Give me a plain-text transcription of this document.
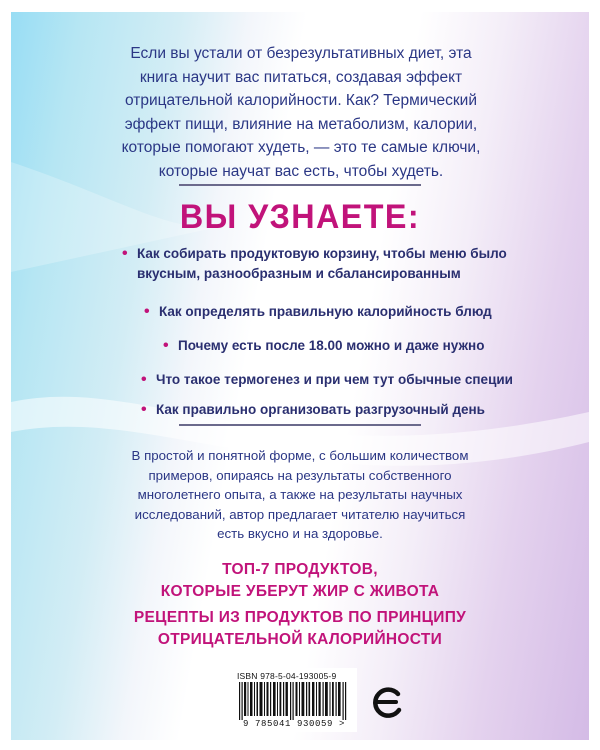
Если вы устали от безрезультативных диет, эта
книга научит вас питаться, создавая эффект
отрицательной калорийности. Как? Термический
эффект пищи, влияние на метаболизм, калории,
которые помогают худеть, — это те самые ключи,
которые научат вас есть, чтобы худеть.
ВЫ УЗНАЕТЕ:
• Как собирать продуктовую корзину, чтобы меню было
вкусным, разнообразным и сбалансированным
• Как определять правильную калорийность блюд
• Почему есть после 18.00 можно и даже нужно
• Что такое термогенез и при чем тут обычные специи
• Как правильно организовать разгрузочный день
В простой и понятной форме, с большим количеством
примеров, опираясь на результаты собственного
многолетнего опыта, а также на результаты научных
исследований, автор предлагает читателю научиться
есть вкусно и на здоровье.
ТОП-7 ПРОДУКТОВ,
КОТОРЫЕ УБЕРУТ ЖИР С ЖИВОТА
РЕЦЕПТЫ ИЗ ПРОДУКТОВ ПО ПРИНЦИПУ
ОТРИЦАТЕЛЬНОЙ КАЛОРИЙНОСТИ
ISBN 978-5-04-193005-9
9 785041 930059 >
